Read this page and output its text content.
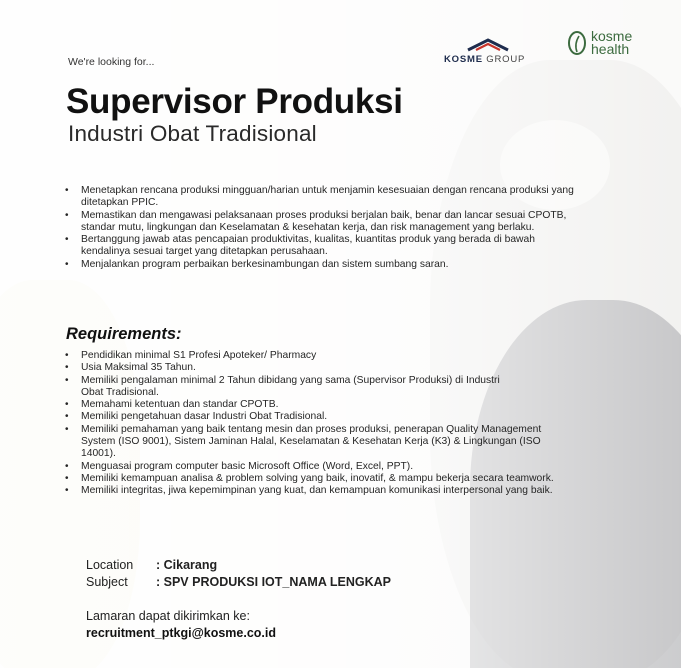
We're looking for...	KOSME GROUP
kosme
health
Supervisor Produksi
Industri Obat Tradisional
• Menetapkan rencana produksi mingguan/harian untuk menjamin kesesuaian dengan rencana produksi yang ditetapkan PPIC.
• Memastikan dan mengawasi pelaksanaan proses produksi berjalan baik, benar dan lancar sesuai CPOTB, standar mutu, lingkungan dan Keselamatan & kesehatan kerja, dan risk management yang berlaku.
• Bertanggung jawab atas pencapaian produktivitas, kualitas, kuantitas produk yang berada di bawah kendalinya sesuai target yang ditetapkan perusahaan.
• Menjalankan program perbaikan berkesinambungan dan sistem sumbang saran.
Requirements:
• Pendidikan minimal S1 Profesi Apoteker/ Pharmacy
• Usia Maksimal 35 Tahun.
• Memiliki pengalaman minimal 2 Tahun dibidang yang sama (Supervisor Produksi) di Industri Obat Tradisional.
• Memahami ketentuan dan standar CPOTB.
• Memiliki pengetahuan dasar Industri Obat Tradisional.
• Memiliki pemahaman yang baik tentang mesin dan proses produksi, penerapan Quality Management System (ISO 9001), Sistem Jaminan Halal, Keselamatan & Kesehatan Kerja (K3) & Lingkungan (ISO 14001).
• Menguasai program computer basic Microsoft Office (Word, Excel, PPT).
• Memiliki kemampuan analisa & problem solving yang baik, inovatif, & mampu bekerja secara teamwork.
• Memiliki integritas, jiwa kepemimpinan yang kuat, dan kemampuan komunikasi interpersonal yang baik.
Location : Cikarang
Subject : SPV PRODUKSI IOT_NAMA LENGKAP
Lamaran dapat dikirimkan ke:
recruitment_ptkgi@kosme.co.id
